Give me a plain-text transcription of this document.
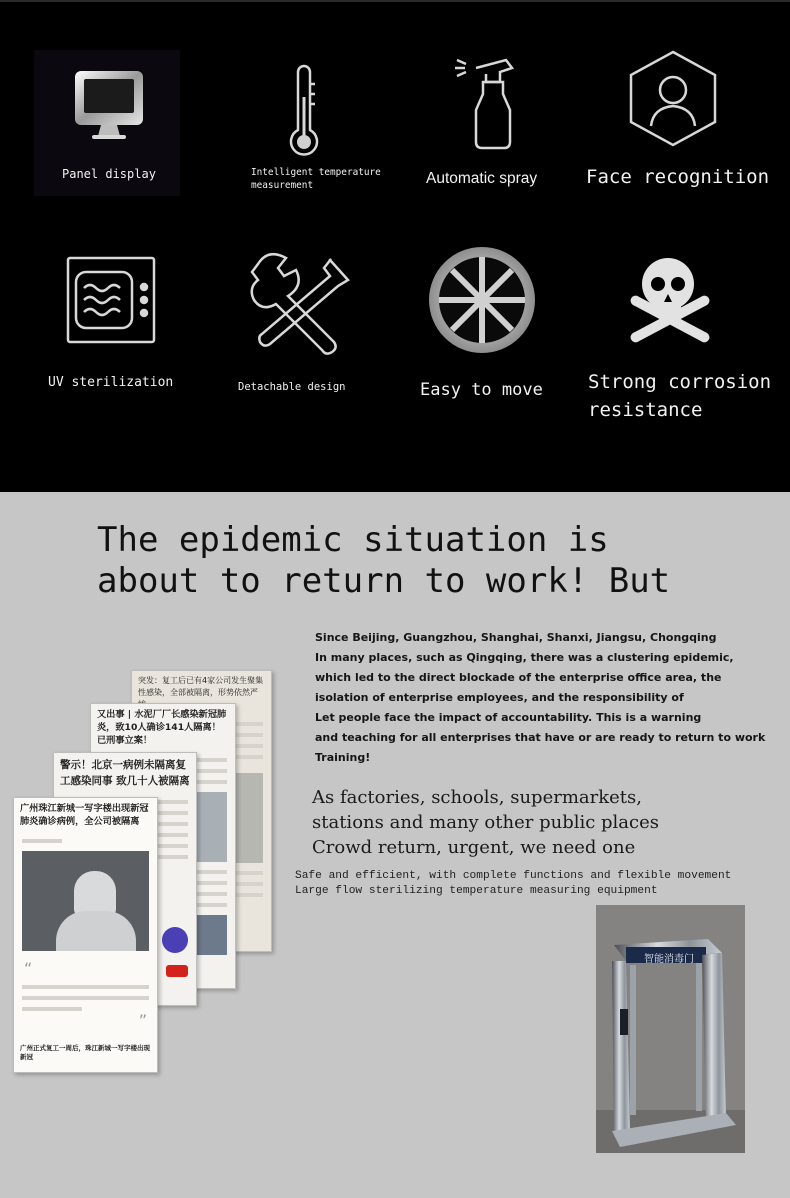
Panel display	Intelligent temperature
measurement	Automatic spray	Face recognition
UV sterilization	Detachable design	Easy to move Strong corrosion
resistance
The epidemic situation is
about to return to work! But
Since Beijing, Guangzhou, Shanghai, Shanxi, Jiangsu, Chongqing
In many places, such as Qingqing, there was a clustering epidemic,
which led to the direct blockade of the enterprise office area, the
isolation of enterprise employees, and the responsibility of
Let people face the impact of accountability. This is a warning
and teaching for all enterprises that have or are ready to return to work
Training!
As factories, schools, supermarkets,
stations and many other public places
Crowd return, urgent, we need one
Safe and efficient, with complete functions and flexible movement
Large flow sterilizing temperature measuring equipment
突发：复工后已有4家公司发生聚集性感染，全部被隔离，形势依然严
又出事 | 水泥厂厂长感染新冠肺炎，致10人确诊141人隔离！已刑事立案！
警示！北京一病例未隔离复工感染同事 致几十人被隔离
广州珠江新城一写字楼出现新冠肺炎确诊病例，全公司被隔离
“
”
广州正式复工一周后，珠江新城一写字楼出现新冠
智能消毒门
